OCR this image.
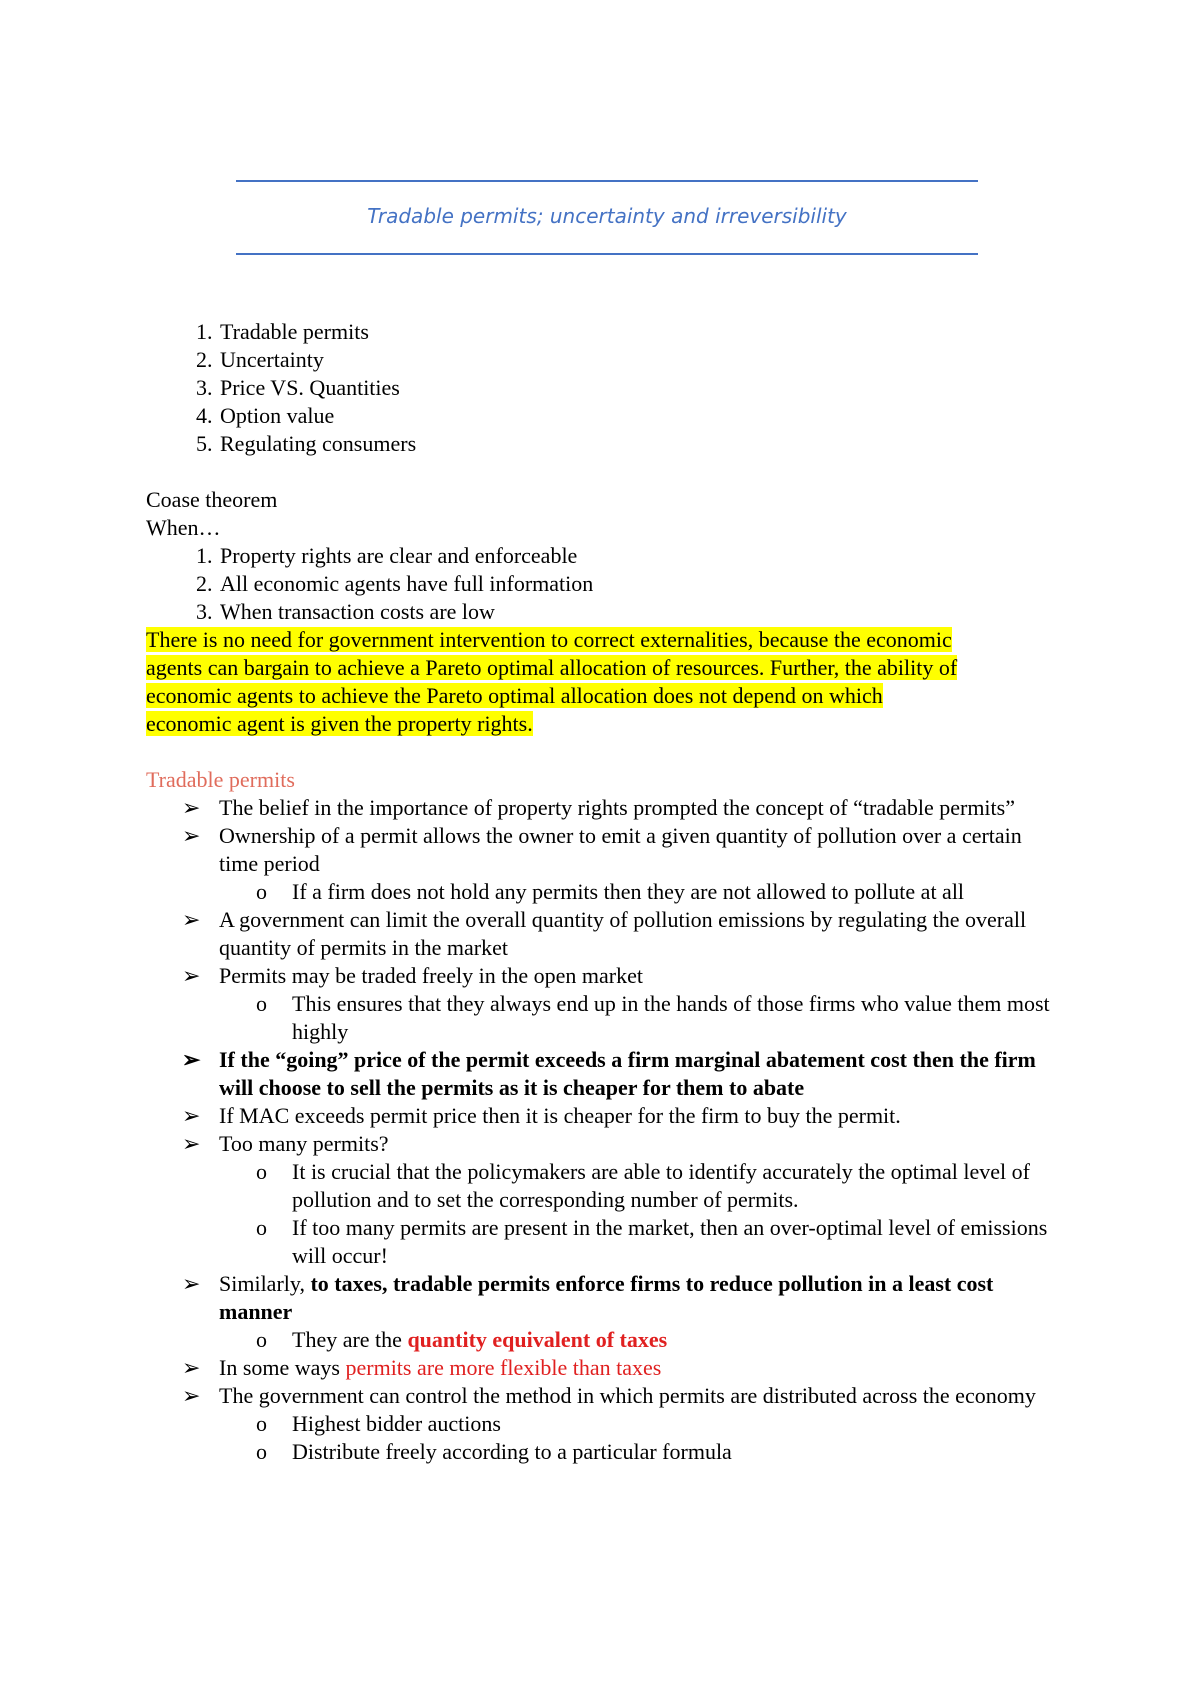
Tradable permits; uncertainty and irreversibility
1. Tradable permits
2. Uncertainty
3. Price VS. Quantities
4. Option value
5. Regulating consumers

Coase theorem

When…

1. Property rights are clear and enforceable
2. All economic agents have full information
3. When transaction costs are low
There is no need for government intervention to correct externalities, because the economic
agents can bargain to achieve a Pareto optimal allocation of resources. Further, the ability of
economic agents to achieve the Pareto optimal allocation does not depend on which
economic agent is given the property rights.

Tradable permits

➢ The belief in the importance of property rights prompted the concept of “tradable permits”
➢ Ownership of a permit allows the owner to emit a given quantity of pollution over a certain time period
o If a firm does not hold any permits then they are not allowed to pollute at all
➢ A government can limit the overall quantity of pollution emissions by regulating the overall quantity of permits in the market
➢ Permits may be traded freely in the open market
o This ensures that they always end up in the hands of those firms who value them most highly
➢ If the “going” price of the permit exceeds a firm marginal abatement cost then the firm will choose to sell the permits as it is cheaper for them to abate
➢ If MAC exceeds permit price then it is cheaper for the firm to buy the permit.
➢ Too many permits?
o It is crucial that the policymakers are able to identify accurately the optimal level of pollution and to set the corresponding number of permits.
o If too many permits are present in the market, then an over-optimal level of emissions will occur!
➢ Similarly, to taxes, tradable permits enforce firms to reduce pollution in a least cost manner
o They are the quantity equivalent of taxes
➢ In some ways permits are more flexible than taxes
➢ The government can control the method in which permits are distributed across the economy
o Highest bidder auctions
o Distribute freely according to a particular formula
